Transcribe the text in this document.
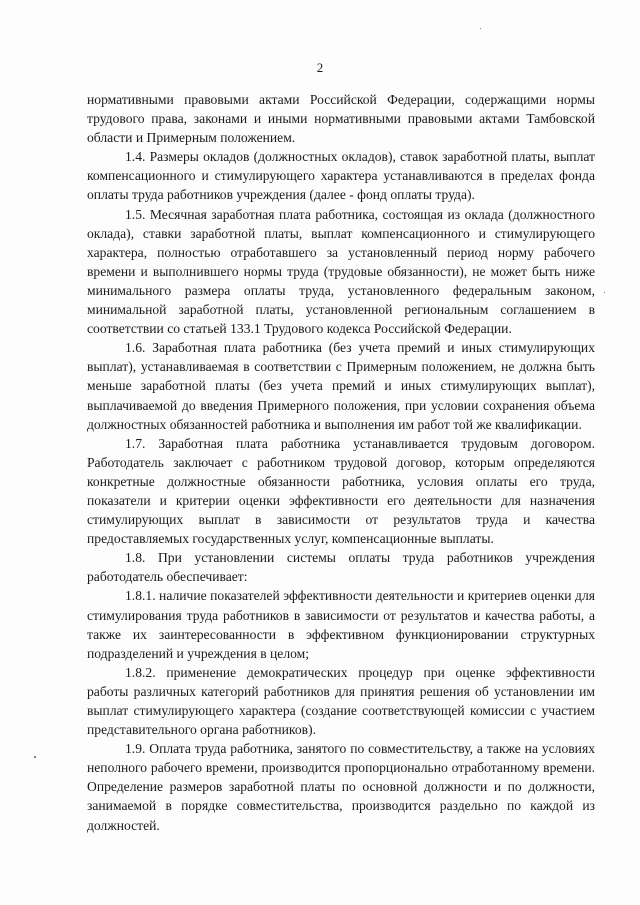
2

нормативными правовыми актами Российской Федерации, содержащими нормы трудового права, законами и иными нормативными правовыми актами Тамбовской области и Примерным положением.

1.4. Размеры окладов (должностных окладов), ставок заработной платы, выплат компенсационного и стимулирующего характера устанавливаются в пределах фонда оплаты труда работников учреждения (далее - фонд оплаты труда).

1.5. Месячная заработная плата работника, состоящая из оклада (должностного оклада), ставки заработной платы, выплат компенсационного и стимулирующего характера, полностью отработавшего за установленный период норму рабочего времени и выполнившего нормы труда (трудовые обязанности), не может быть ниже минимального размера оплаты труда, установленного федеральным законом, минимальной заработной платы, установленной региональным соглашением в соответствии со статьей 133.1 Трудового кодекса Российской Федерации.

1.6. Заработная плата работника (без учета премий и иных стимулирующих выплат), устанавливаемая в соответствии с Примерным положением, не должна быть меньше заработной платы (без учета премий и иных стимулирующих выплат), выплачиваемой до введения Примерного положения, при условии сохранения объема должностных обязанностей работника и выполнения им работ той же квалификации.

1.7. Заработная плата работника устанавливается трудовым договором. Работодатель заключает с работником трудовой договор, которым определяются конкретные должностные обязанности работника, условия оплаты его труда, показатели и критерии оценки эффективности его деятельности для назначения стимулирующих выплат в зависимости от результатов труда и качества предоставляемых государственных услуг, компенсационные выплаты.

1.8. При установлении системы оплаты труда работников учреждения работодатель обеспечивает:

1.8.1. наличие показателей эффективности деятельности и критериев оценки для стимулирования труда работников в зависимости от результатов и качества работы, а также их заинтересованности в эффективном функционировании структурных подразделений и учреждения в целом;

1.8.2. применение демократических процедур при оценке эффективности работы различных категорий работников для принятия решения об установлении им выплат стимулирующего характера (создание соответствующей комиссии с участием представительного органа работников).

1.9. Оплата труда работника, занятого по совместительству, а также на условиях неполного рабочего времени, производится пропорционально отработанному времени. Определение размеров заработной платы по основной должности и по должности, занимаемой в порядке совместительства, производится раздельно по каждой из должностей.
